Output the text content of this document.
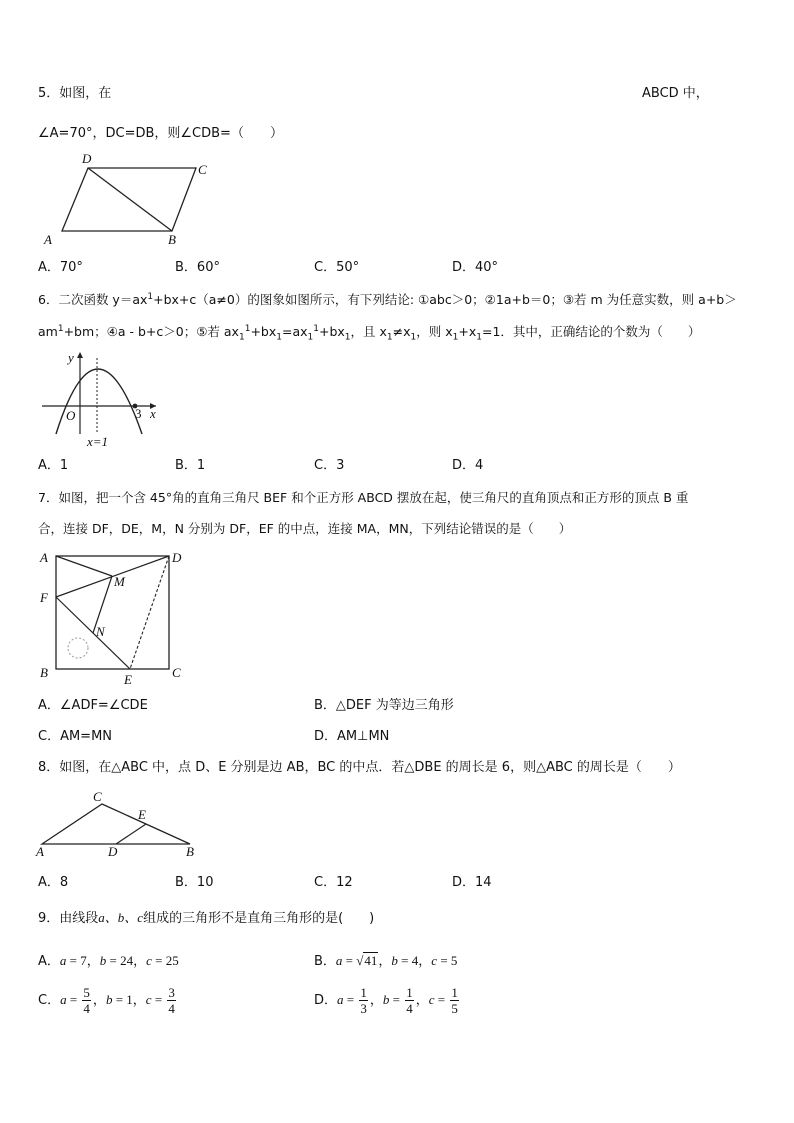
5．如图，在	ABCD 中，
∠A=70°，DC=DB，则∠CDB=（　　）
A	B
C
D
A．70°	B．60°	C．50°	D．40°
6．二次函数 $y=ax^1+bx+c(a\ne 0)$的图象如图所示，有下列结论: ①abc＞0；②1a+b＝0；③若 m 为任意实数，则 a+b＞
$am^1+bm$；④a - b+c＞0；⑤若 $ax_1^1+bx_1=ax_1^1+bx_1$，且 $x_1\ne x_1$，则 $x_1+x_1=1$．其中，正确结论的个数为（　　）
y
x
O	3
x=1
A．1	B．1	C．3	D．4
7．如图，把一个含 45°角的直角三角尺 BEF 和个正方形 ABCD 摆放在起，使三角尺的直角顶点和正方形的顶点 B 重
合，连接 DF，DE，M，N 分别为 DF，EF 的中点，连接 MA，MN，下列结论错误的是（　　）
A	D
M
F
N
B	E	C
A．∠ADF=∠CDE	B．△DEF 为等边三角形
C．AM=MN	D．AM⊥MN
8．如图，在△ABC 中，点 D、E 分别是边 AB，BC 的中点．若△DBE 的周长是 6，则△ABC 的周长是（　　）
C
E
A	D	B
A．8	B．10	C．12	D．14
9．由线段a、b、c组成的三角形不是直角三角形的是(　　)
A．a = 7，b = 24，c = 25	B．a = √41，b = 4，c = 5
C．$a = \frac{5}{4}$ ，b = 1，$c = \frac{3}{4}$	D．$a = \frac{1}{3}$ ，$b = \frac{1}{4}$ ，$c = \frac{1}{5}$
